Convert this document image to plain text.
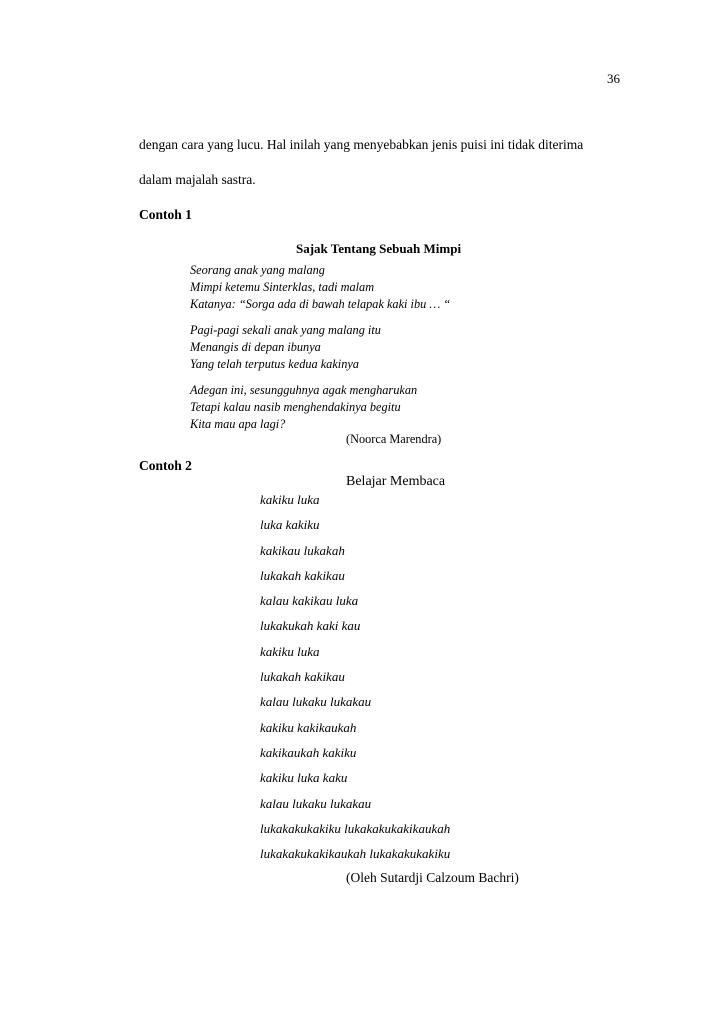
36
dengan cara yang lucu. Hal inilah yang menyebabkan jenis puisi ini tidak diterima
dalam majalah sastra.
Contoh 1
Sajak Tentang Sebuah Mimpi
Seorang anak yang malang
Mimpi ketemu Sinterklas, tadi malam
Katanya: “Sorga ada di bawah telapak kaki ibu … “
Pagi-pagi sekali anak yang malang itu
Menangis di depan ibunya
Yang telah terputus kedua kakinya
Adegan ini, sesungguhnya agak mengharukan
Tetapi kalau nasib menghendakinya begitu
Kita mau apa lagi?
(Noorca Marendra)
Contoh 2
Belajar Membaca
kakiku luka
luka kakiku
kakikau lukakah
lukakah kakikau
kalau kakikau luka
lukakukah kaki kau
kakiku luka
lukakah kakikau
kalau lukaku lukakau
kakiku kakikaukah
kakikaukah kakiku
kakiku luka kaku
kalau lukaku lukakau
lukakakukakiku lukakakukakikaukah
lukakakukakikaukah lukakakukakiku
(Oleh Sutardji Calzoum Bachri)
